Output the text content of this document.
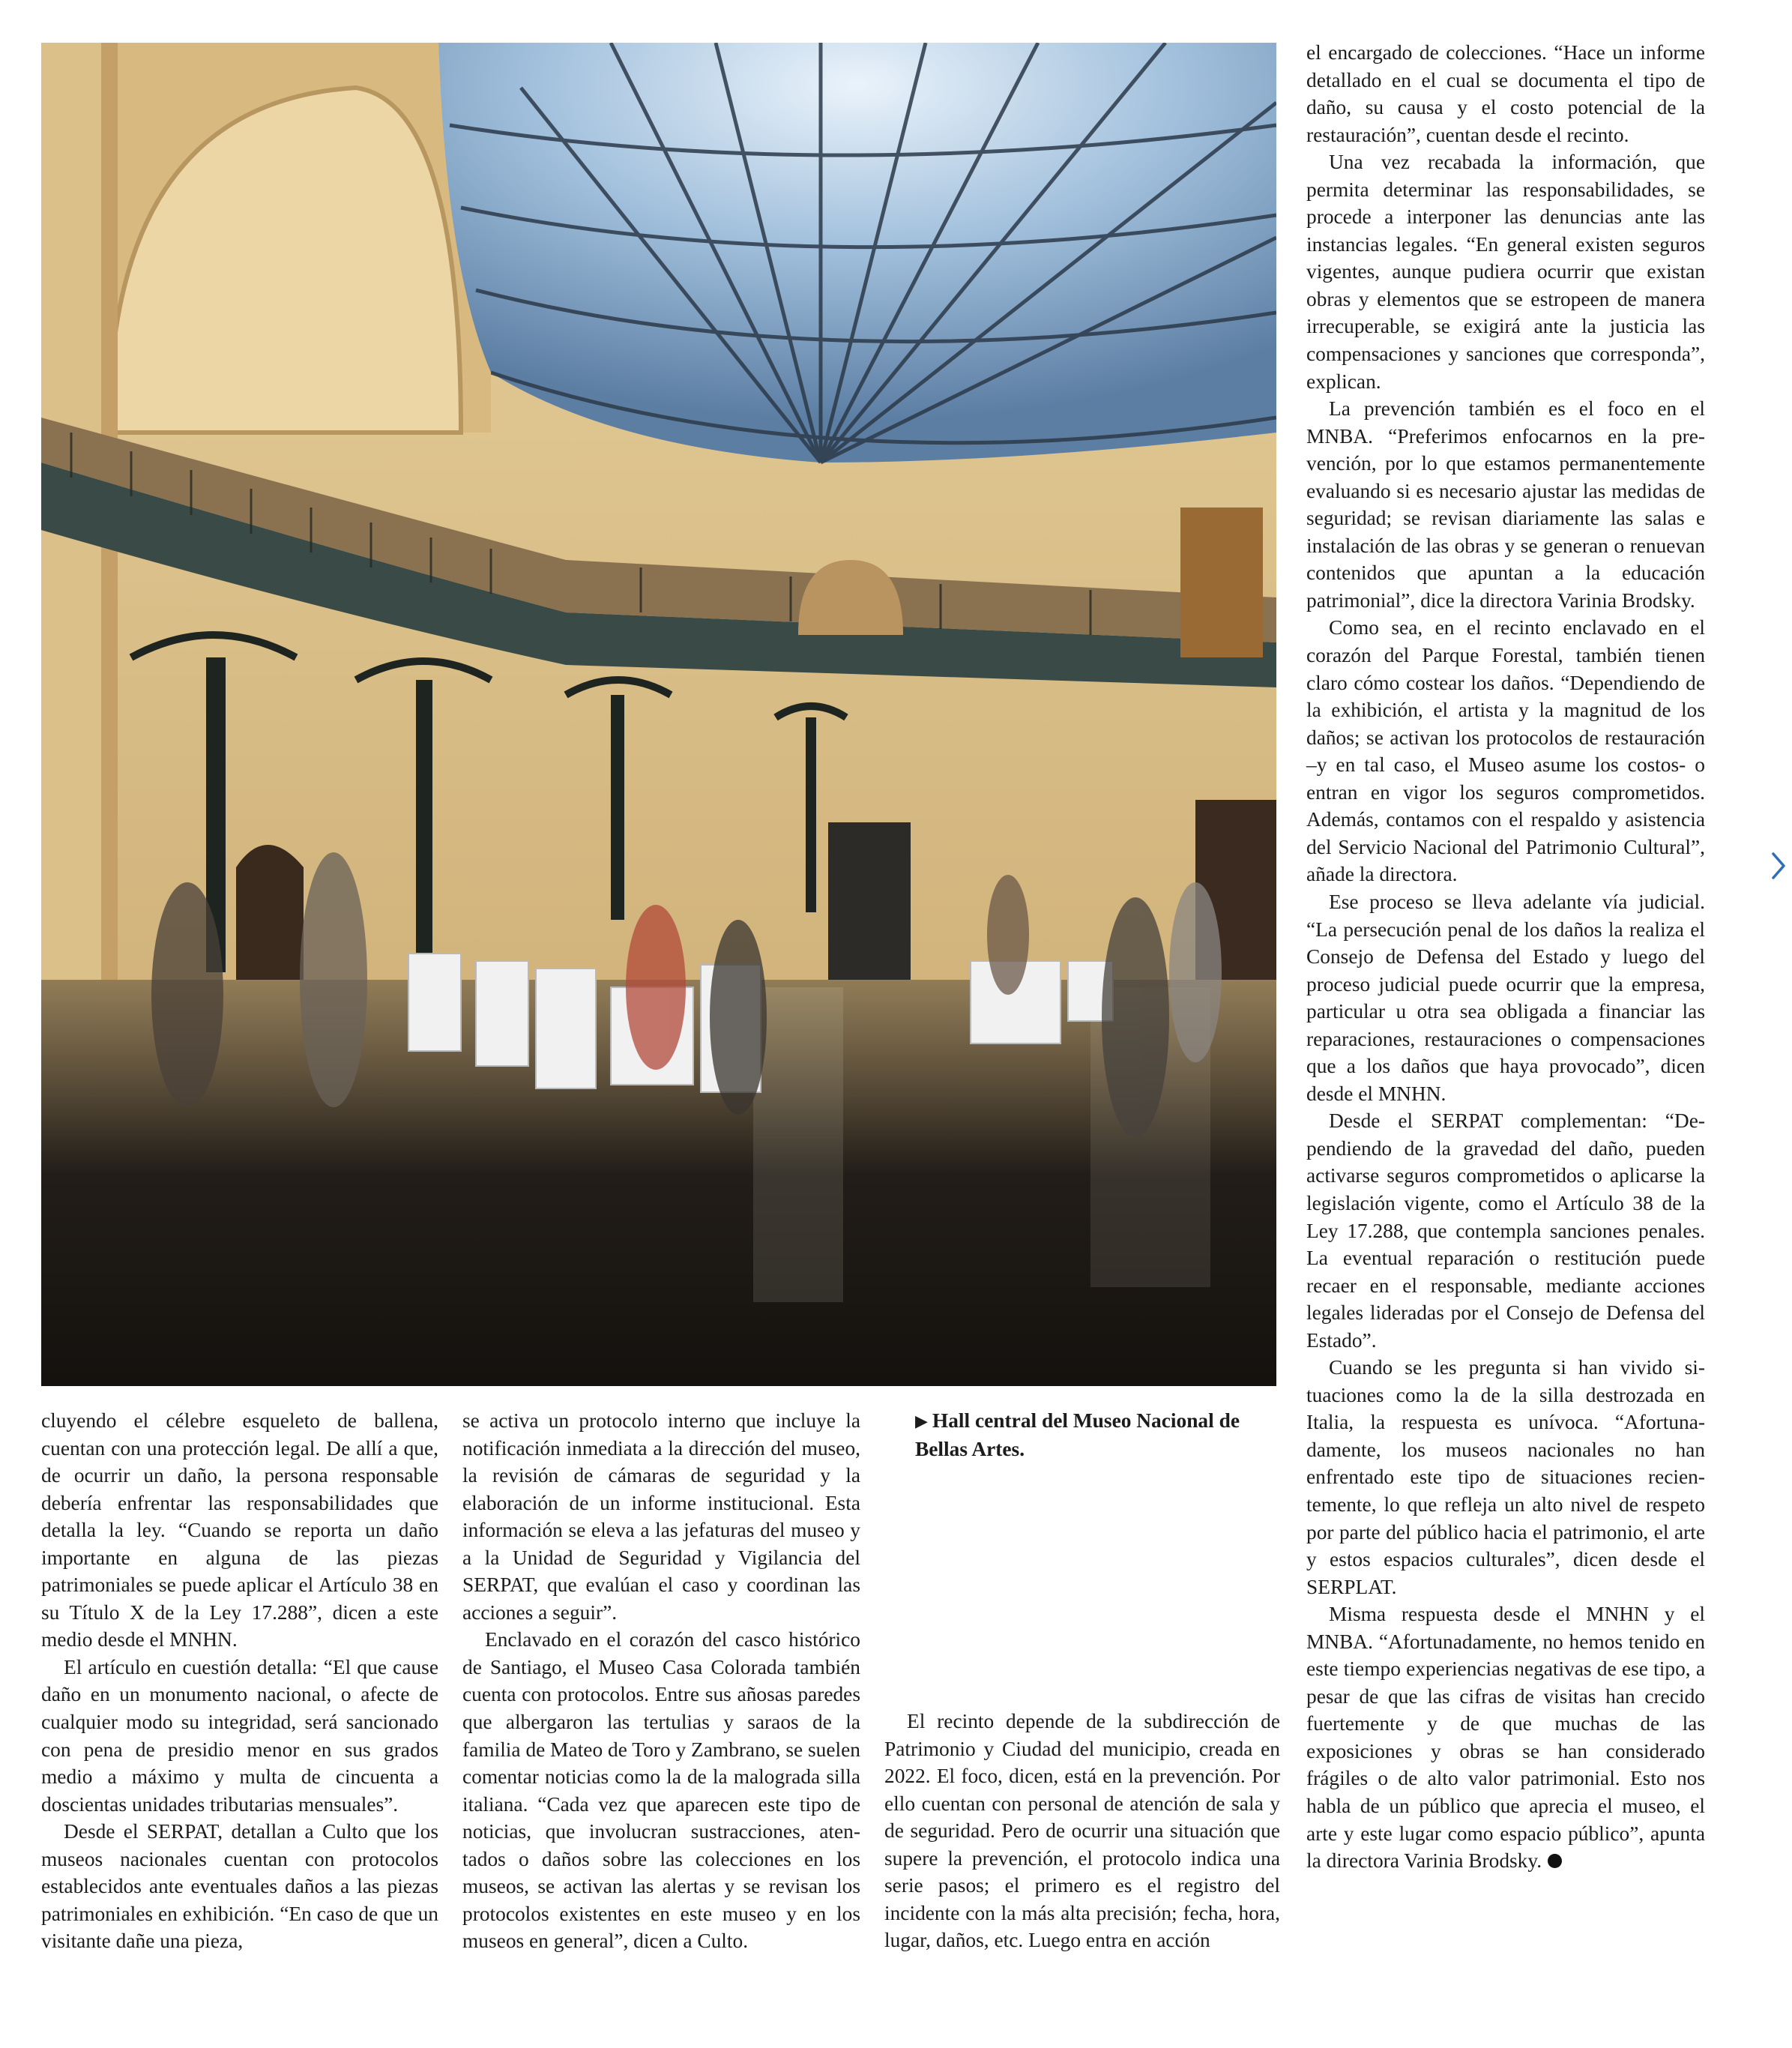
el encargado de colecciones. “Hace un informe detallado en el cual se documenta el tipo de daño, su causa y el costo potencial de la restauración”, cuentan desde el recinto.

Una vez recabada la información, que permita determinar las responsabilidades, se procede a interponer las denuncias ante las instancias legales. “En general existen seguros vigentes, aunque pudiera ocurrir que existan obras y elementos que se estropeen de manera irrecuperable, se exigirá ante la justicia las compensaciones y sanciones que corresponda”, explican.

La prevención también es el foco en el MNBA. “Preferimos enfocarnos en la prevención, por lo que estamos permanentemente evaluando si es necesario ajustar las medidas de seguridad; se revisan diariamente las salas e instalación de las obras y se generan o renuevan contenidos que apuntan a la educación patrimonial”, dice la directora Varinia Brodsky.

Como sea, en el recinto enclavado en el corazón del Parque Forestal, también tienen claro cómo costear los daños. “Dependiendo de la exhibición, el artista y la magnitud de los daños; se activan los protocolos de restauración –y en tal caso, el Museo asume los costos- o entran en vigor los seguros comprometidos. Además, contamos con el respaldo y asistencia del Servicio Nacional del Patrimonio Cultural”, añade la directora.

Ese proceso se lleva adelante vía judicial. “La persecución penal de los daños la realiza el Consejo de Defensa del Estado y luego del proceso judicial puede ocurrir que la empresa, particular u otra sea obligada a financiar las reparaciones, restauraciones o compensaciones que a los daños que haya provocado”, dicen desde el MNHN.

Desde el SERPAT complementan: “Dependiendo de la gravedad del daño, pueden activarse seguros comprometidos o aplicarse la legislación vigente, como el Artículo 38 de la Ley 17.288, que contempla sanciones penales. La eventual reparación o restitución puede recaer en el responsable, mediante acciones legales lideradas por el Consejo de Defensa del Estado”.

Cuando se les pregunta si han vivido situaciones como la de la silla destrozada en Italia, la respuesta es unívoca. “Afortunadamente, los museos nacionales no han enfrentado este tipo de situaciones recientemente, lo que refleja un alto nivel de respeto por parte del público hacia el patrimonio, el arte y estos espacios culturales”, dicen desde el SERPLAT.

Misma respuesta desde el MNHN y el MNBA. “Afortunadamente, no hemos tenido en este tiempo experiencias negativas de ese tipo, a pesar de que las cifras de visitas han crecido fuertemente y de que muchas de las exposiciones y obras se han considerado frágiles o de alto valor patrimonial. Esto nos habla de un público que aprecia el museo, el arte y este lugar como espacio público”, apunta la directora Varinia Brodsky.

cluyendo el célebre esqueleto de ballena, cuentan con una protección legal. De allí a que, de ocurrir un daño, la persona responsable debería enfrentar las responsabilidades que detalla la ley. “Cuando se reporta un daño importante en alguna de las piezas patrimoniales se puede aplicar el Artículo 38 en su Título X de la Ley 17.288”, dicen a este medio desde el MNHN.

El artículo en cuestión detalla: “El que cause daño en un monumento nacional, o afecte de cualquier modo su integridad, será sancionado con pena de presidio menor en sus grados medio a máximo y multa de cincuenta a doscientas unidades tributarias mensuales”.

Desde el SERPAT, detallan a Culto que los museos nacionales cuentan con protocolos establecidos ante eventuales daños a las piezas patrimoniales en exhibición. “En caso de que un visitante dañe una pieza,

se activa un protocolo interno que incluye la notificación inmediata a la dirección del museo, la revisión de cámaras de seguridad y la elaboración de un informe institucional. Esta información se eleva a las jefaturas del museo y a la Unidad de Seguridad y Vigilancia del SERPAT, que evalúan el caso y coordinan las acciones a seguir”.

Enclavado en el corazón del casco histórico de Santiago, el Museo Casa Colorada también cuenta con protocolos. Entre sus añosas paredes que albergaron las tertulias y saraos de la familia de Mateo de Toro y Zambrano, se suelen comentar noticias como la de la malograda silla italiana. “Cada vez que aparecen este tipo de noticias, que involucran sustracciones, atentados o daños sobre las colecciones en los museos, se activan las alertas y se revisan los protocolos existentes en este museo y en los museos en general”, dicen a Culto.

▶ Hall central del Museo Nacional de Bellas Artes.

El recinto depende de la subdirección de Patrimonio y Ciudad del municipio, creada en 2022. El foco, dicen, está en la prevención. Por ello cuentan con personal de atención de sala y de seguridad. Pero de ocurrir una situación que supere la prevención, el protocolo indica una serie pasos; el primero es el registro del incidente con la más alta precisión; fecha, hora, lugar, daños, etc. Luego entra en acción
